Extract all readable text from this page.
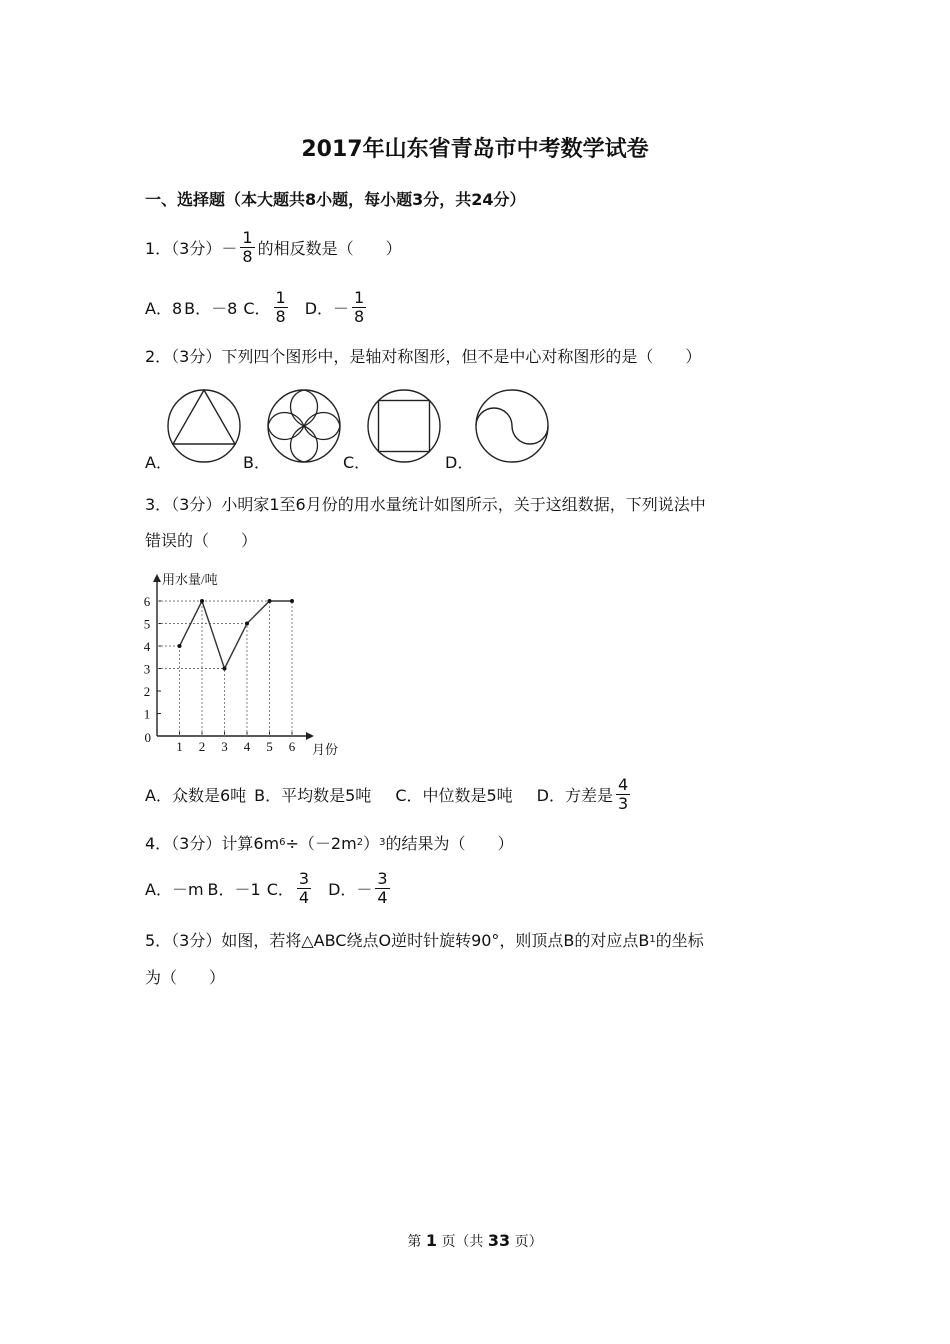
2017年山东省青岛市中考数学试卷
一、选择题（本大题共8小题，每小题3分，共24分）
1．（3分）－ $\frac{1}{8}$ 的相反数是（　　）
A．8 B．－8 C． $\frac{1}{8}$ D．－ $\frac{1}{8}$
2．（3分）下列四个图形中，是轴对称图形，但不是中心对称图形的是（　　）
A．	B．	C．	D．
3．（3分）小明家1至6月份的用水量统计如图所示，关于这组数据，下列说法中
错误的（　　）
用水量/吨
月份
1
2
3
4
5
6
0
1 2 3 4 5 6
A．众数是6吨 B．平均数是5吨 C．中位数是5吨 D．方差是 $\frac{4}{3}$
4．（3分）计算6m 6 ÷（－2m 2 ） 3 的结果为（　　）
A．－m B．－1 C． $\frac{3}{4}$ D．－ $\frac{3}{4}$
5．（3分）如图，若将△ABC绕点O逆时针旋转90°，则顶点B的对应点B 1 的坐标
为（　　）
第 1 页（共 33 页）
